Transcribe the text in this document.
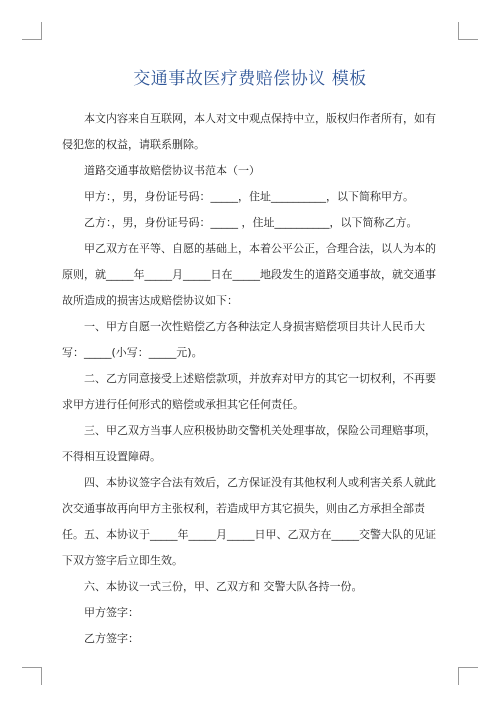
交通事故医疗费赔偿协议 模板

本文内容来自互联网，本人对文中观点保持中立，版权归作者所有，如有侵犯您的权益，请联系删除。

道路交通事故赔偿协议书范本（一）
甲方：，男，身份证号码：_____，住址__________，以下简称甲方。
乙方：，男，身份证号码：_____ ，住址__________，以下简称乙方。

甲乙双方在平等、自愿的基础上，本着公平公正，合理合法，以人为本的原则，就_____年_____月_____日在_____地段发生的道路交通事故，就交通事故所造成的损害达成赔偿协议如下：

一、甲方自愿一次性赔偿乙方各种法定人身损害赔偿项目共计人民币大写：_____(小写：_____元)。

二、乙方同意接受上述赔偿款项，并放弃对甲方的其它一切权利，不再要求甲方进行任何形式的赔偿或承担其它任何责任。

三、甲乙双方当事人应积极协助交警机关处理事故，保险公司理赔事项，不得相互设置障碍。

四、本协议签字合法有效后，乙方保证没有其他权利人或利害关系人就此次交通事故再向甲方主张权利，若造成甲方其它损失，则由乙方承担全部责任。 五、本协议于_____年_____月_____日甲、乙双方在_____交警大队的见证下双方签字后立即生效。

六、本协议一式三份，甲、乙双方和 交警大队各持一份。
甲方签字：
乙方签字：
